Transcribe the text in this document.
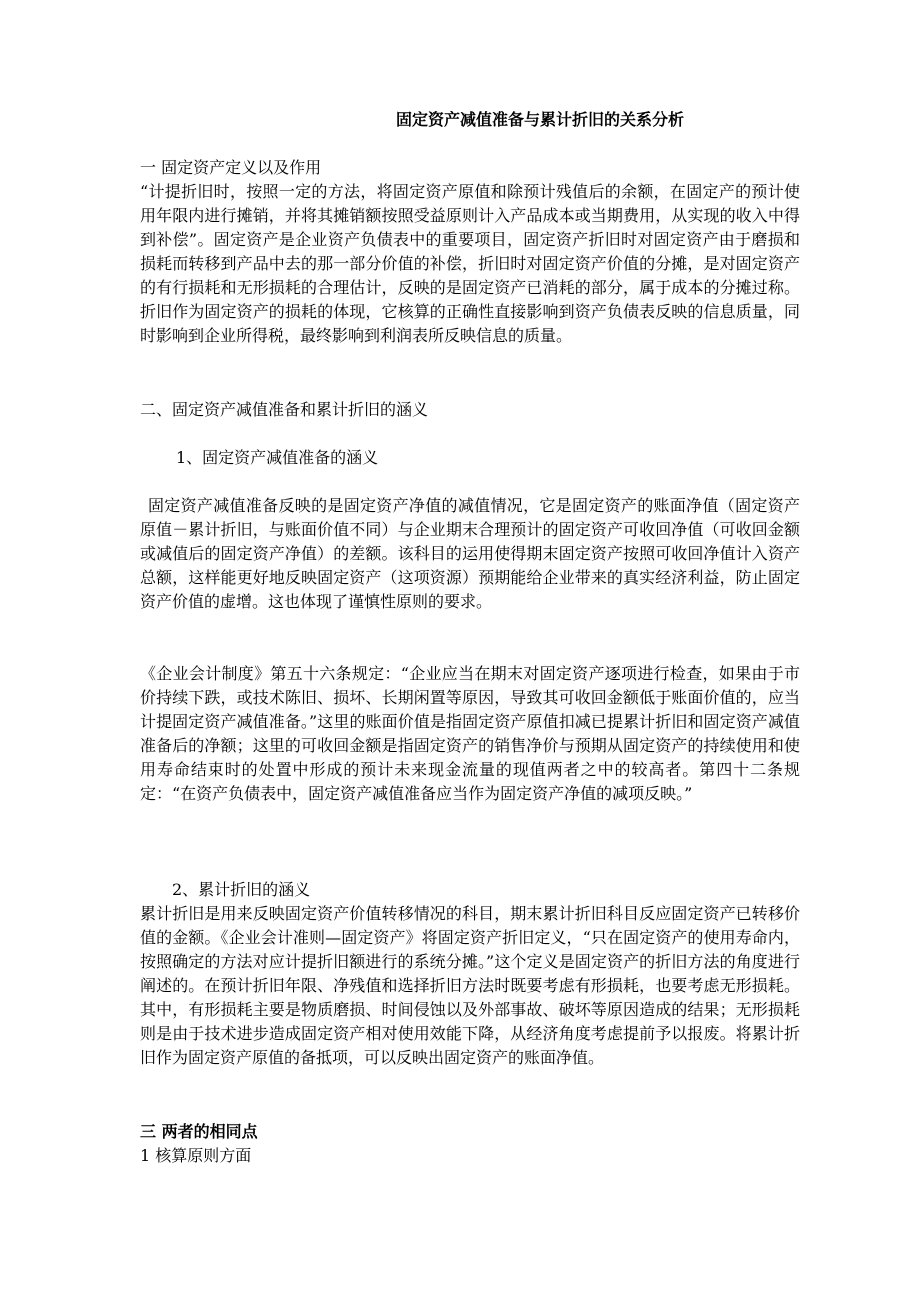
固定资产减值准备与累计折旧的关系分析
一 固定资产定义以及作用
“计提折旧时，按照一定的方法，将固定资产原值和除预计残值后的余额，在固定产的预计使用年限内进行摊销，并将其摊销额按照受益原则计入产品成本或当期费用，从实现的收入中得到补偿”。固定资产是企业资产负债表中的重要项目，固定资产折旧时对固定资产由于磨损和损耗而转移到产品中去的那一部分价值的补偿，折旧时对固定资产价值的分摊，是对固定资产的有行损耗和无形损耗的合理估计，反映的是固定资产已消耗的部分，属于成本的分摊过称。折旧作为固定资产的损耗的体现，它核算的正确性直接影响到资产负债表反映的信息质量，同时影响到企业所得税，最终影响到利润表所反映信息的质量。
二、固定资产减值准备和累计折旧的涵义
1、固定资产减值准备的涵义
固定资产减值准备反映的是固定资产净值的减值情况，它是固定资产的账面净值（固定资产原值－累计折旧，与账面价值不同）与企业期末合理预计的固定资产可收回净值（可收回金额或减值后的固定资产净值）的差额。该科目的运用使得期末固定资产按照可收回净值计入资产总额，这样能更好地反映固定资产（这项资源）预期能给企业带来的真实经济利益，防止固定资产价值的虚增。这也体现了谨慎性原则的要求。
《企业会计制度》第五十六条规定：“企业应当在期末对固定资产逐项进行检查，如果由于市价持续下跌，或技术陈旧、损坏、长期闲置等原因，导致其可收回金额低于账面价值的，应当计提固定资产减值准备。”这里的账面价值是指固定资产原值扣减已提累计折旧和固定资产减值准备后的净额；这里的可收回金额是指固定资产的销售净价与预期从固定资产的持续使用和使用寿命结束时的处置中形成的预计未来现金流量的现值两者之中的较高者。第四十二条规定：“在资产负债表中，固定资产减值准备应当作为固定资产净值的减项反映。”
2、累计折旧的涵义
累计折旧是用来反映固定资产价值转移情况的科目，期末累计折旧科目反应固定资产已转移价值的金额。《企业会计准则—固定资产》将固定资产折旧定义，“只在固定资产的使用寿命内，按照确定的方法对应计提折旧额进行的系统分摊。”这个定义是固定资产的折旧方法的角度进行阐述的。在预计折旧年限、净残值和选择折旧方法时既要考虑有形损耗，也要考虑无形损耗。其中，有形损耗主要是物质磨损、时间侵蚀以及外部事故、破坏等原因造成的结果；无形损耗则是由于技术进步造成固定资产相对使用效能下降，从经济角度考虑提前予以报废。将累计折旧作为固定资产原值的备抵项，可以反映出固定资产的账面净值。
三 两者的相同点
1 核算原则方面
